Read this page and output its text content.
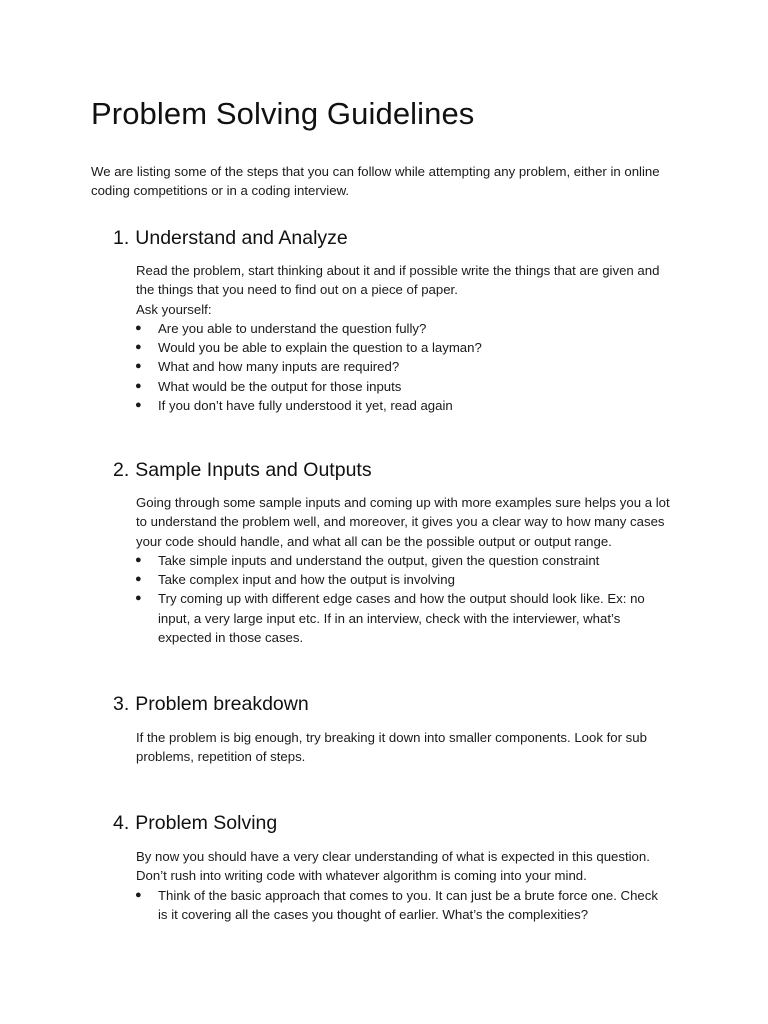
Problem Solving Guidelines

We are listing some of the steps that you can follow while attempting any problem, either in online coding competitions or in a coding interview.

1. Understand and Analyze

Read the problem, start thinking about it and if possible write the things that are given and the things that you need to find out on a piece of paper.

Ask yourself:

● Are you able to understand the question fully?
● Would you be able to explain the question to a layman?
● What and how many inputs are required?
● What would be the output for those inputs
● If you don’t have fully understood it yet, read again
2. Sample Inputs and Outputs

Going through some sample inputs and coming up with more examples sure helps you a lot to understand the problem well, and moreover, it gives you a clear way to how many cases your code should handle, and what all can be the possible output or output range.

● Take simple inputs and understand the output, given the question constraint
● Take complex input and how the output is involving
● Try coming up with different edge cases and how the output should look like. Ex: no input, a very large input etc. If in an interview, check with the interviewer, what’s expected in those cases.
3. Problem breakdown

If the problem is big enough, try breaking it down into smaller components. Look for sub problems, repetition of steps.

4. Problem Solving

By now you should have a very clear understanding of what is expected in this question. Don’t rush into writing code with whatever algorithm is coming into your mind.

● Think of the basic approach that comes to you. It can just be a brute force one. Check is it covering all the cases you thought of earlier. What’s the complexities?
